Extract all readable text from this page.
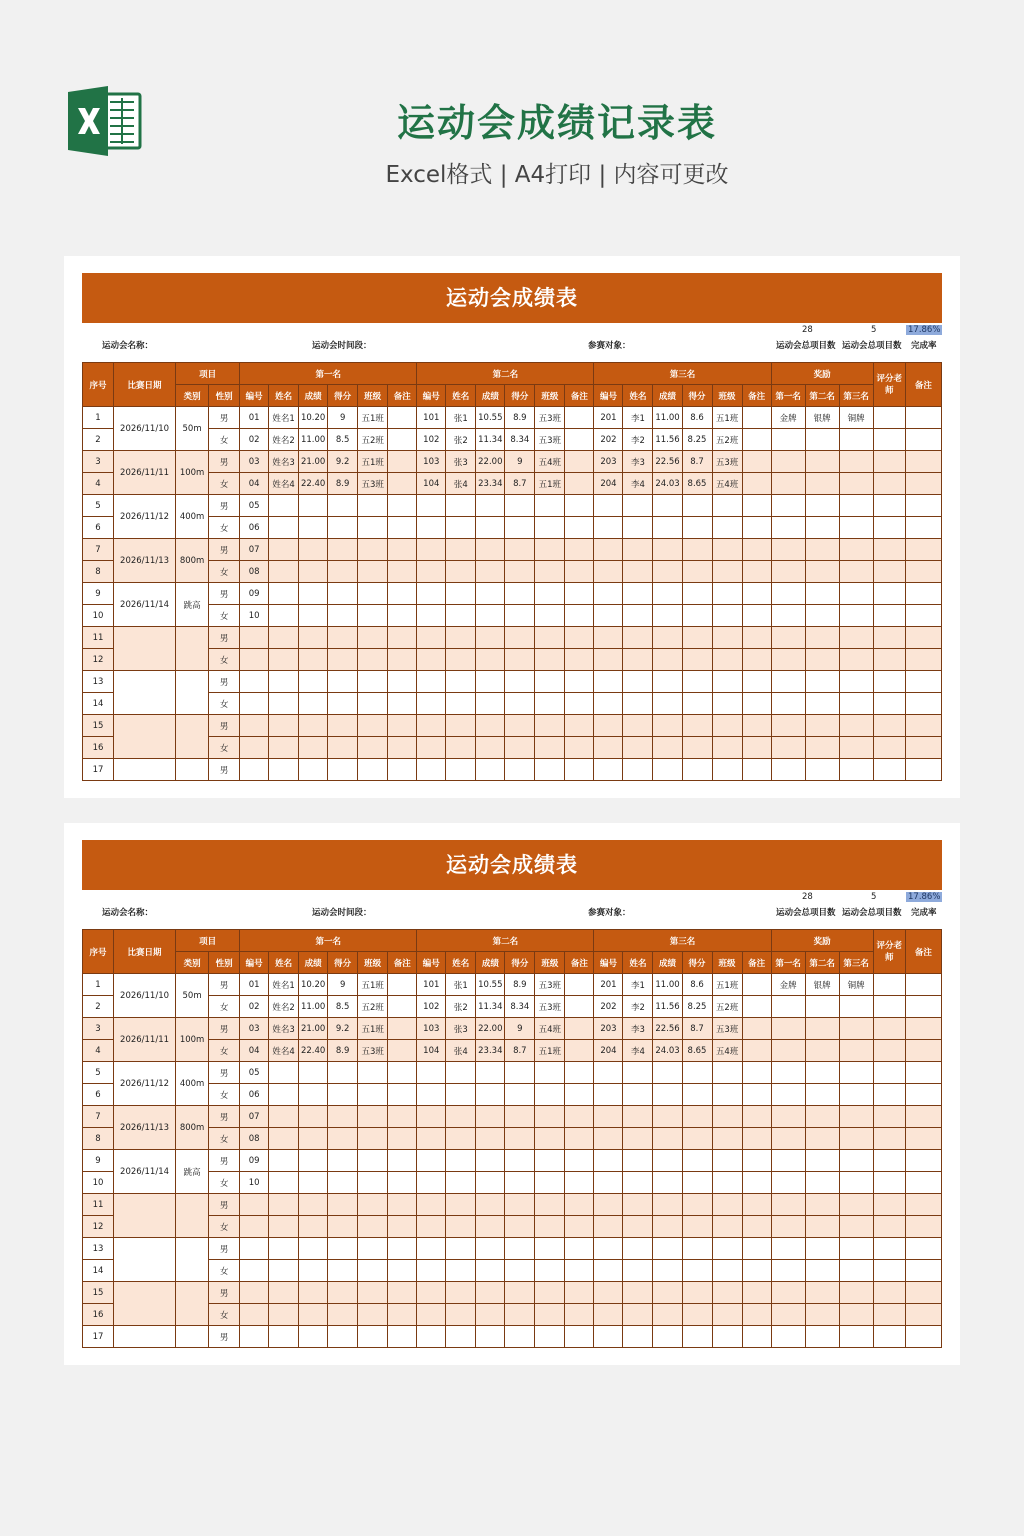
运动会成绩记录表
Excel格式 | A4打印 | 内容可更改
运动会成绩表
运动会名称：	运动会时间段：	参赛对象：
28
运动会总项目数
5
运动会总项目数
17.86%
完成率
序号	比赛日期	项目		第一名						第二名						第三名						奖励			评分老师	备注
		类别	性别	编号	姓名	成绩	得分	班级	备注	编号	姓名	成绩	得分	班级	备注	编号	姓名	成绩	得分	班级	备注	第一名	第二名	第三名		
1	2026/11/10	50m	男	01	姓名1	10.20	9	五1班		101	张1	10.55	8.9	五3班		201	李1	11.00	8.6	五1班		金牌	银牌	铜牌		
2			女	02	姓名2	11.00	8.5	五2班		102	张2	11.34	8.34	五3班		202	李2	11.56	8.25	五2班						
3	2026/11/11	100m	男	03	姓名3	21.00	9.2	五1班		103	张3	22.00	9	五4班		203	李3	22.56	8.7	五3班						
4			女	04	姓名4	22.40	8.9	五3班		104	张4	23.34	8.7	五1班		204	李4	24.03	8.65	五4班						
5	2026/11/12	400m	男	05																						
6			女	06																						
7	2026/11/13	800m	男	07																						
8			女	08																						
9	2026/11/14	跳高	男	09																						
10			女	10																						
11			男																							
12			女																							
13			男																							
14			女																							
15			男																							
16			女																							
17			男																							
运动会成绩表
运动会名称：	运动会时间段：	参赛对象：
28
运动会总项目数
5
运动会总项目数
17.86%
完成率
序号	比赛日期	项目		第一名						第二名						第三名						奖励			评分老师	备注
		类别	性别	编号	姓名	成绩	得分	班级	备注	编号	姓名	成绩	得分	班级	备注	编号	姓名	成绩	得分	班级	备注	第一名	第二名	第三名		
1	2026/11/10	50m	男	01	姓名1	10.20	9	五1班		101	张1	10.55	8.9	五3班		201	李1	11.00	8.6	五1班		金牌	银牌	铜牌		
2			女	02	姓名2	11.00	8.5	五2班		102	张2	11.34	8.34	五3班		202	李2	11.56	8.25	五2班						
3	2026/11/11	100m	男	03	姓名3	21.00	9.2	五1班		103	张3	22.00	9	五4班		203	李3	22.56	8.7	五3班						
4			女	04	姓名4	22.40	8.9	五3班		104	张4	23.34	8.7	五1班		204	李4	24.03	8.65	五4班						
5	2026/11/12	400m	男	05																						
6			女	06																						
7	2026/11/13	800m	男	07																						
8			女	08																						
9	2026/11/14	跳高	男	09																						
10			女	10																						
11			男																							
12			女																							
13			男																							
14			女																							
15			男																							
16			女																							
17			男																							
